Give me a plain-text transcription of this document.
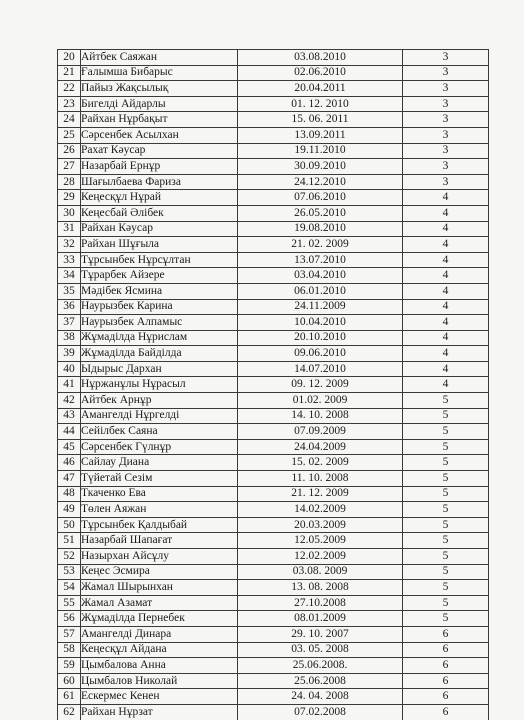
20	Айтбек Саяжан	03.08.2010	3
21	Ғалымша Бибарыс	02.06.2010	3
22	Пайыз Жақсылық	20.04.2011	3
23	Бигелді Айдарлы	01. 12. 2010	3
24	Райхан Нұрбақыт	15. 06. 2011	3
25	Сәрсенбек Асылхан	13.09.2011	3
26	Рахат Кәусар	19.11.2010	3
27	Назарбай Ернұр	30.09.2010	3
28	Шағылбаева Фариза	24.12.2010	3
29	Кеңесқұл Нұрай	07.06.2010	4
30	Кеңесбай Әлібек	26.05.2010	4
31	Райхан Кәусар	19.08.2010	4
32	Райхан Шұғыла	21. 02. 2009	4
33	Тұрсынбек Нұрсұлтан	13.07.2010	4
34	Тұрарбек Айзере	03.04.2010	4
35	Мәдібек Ясмина	06.01.2010	4
36	Наурызбек Карина	24.11.2009	4
37	Наурызбек Алпамыс	10.04.2010	4
38	Жұмаділда Нұрислам	20.10.2010	4
39	Жұмаділда Байділда	09.06.2010	4
40	Ыдырыс Дархан	14.07.2010	4
41	Нұржанұлы Нұрасыл	09. 12. 2009	4
42	Айтбек Арнұр	01.02. 2009	5
43	Амангелді Нұргелді	14. 10. 2008	5
44	Сейілбек Саяна	07.09.2009	5
45	Сәрсенбек Гүлнұр	24.04.2009	5
46	Сайлау Диана	15. 02. 2009	5
47	Түйетай Сезім	11. 10. 2008	5
48	Ткаченко Ева	21. 12. 2009	5
49	Төлен Аяжан	14.02.2009	5
50	Тұрсынбек Қалдыбай	20.03.2009	5
51	Назарбай Шапағат	12.05.2009	5
52	Назырхан Айсұлу	12.02.2009	5
53	Кеңес Эсмира	03.08. 2009	5
54	Жамал Шырынхан	13. 08. 2008	5
55	Жамал Азамат	27.10.2008	5
56	Жұмаділда Пернебек	08.01.2009	5
57	Амангелді Динара	29. 10. 2007	6
58	Кеңесқұл Айдана	03. 05. 2008	6
59	Цымбалова Анна	25.06.2008.	6
60	Цымбалов Николай	25.06.2008	6
61	Ескермес Кенен	24. 04. 2008	6
62	Райхан Нұрзат	07.02.2008	6
